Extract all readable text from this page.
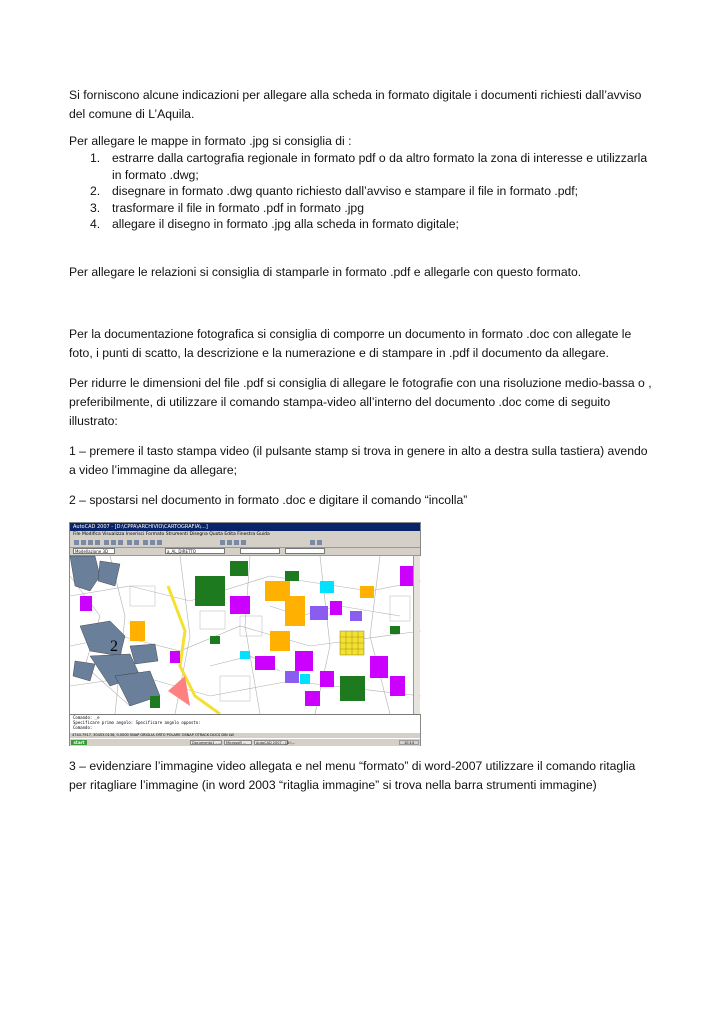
Si forniscono alcune indicazioni per allegare alla scheda in formato digitale i documenti richiesti dall’avviso del comune di L’Aquila.

Per allegare le mappe in formato .jpg si consiglia di :

1. estrarre dalla cartografia regionale in formato pdf o da altro formato la zona di interesse e utilizzarla in formato .dwg;
2. disegnare in formato .dwg quanto richiesto dall’avviso e stampare il file in formato .pdf;
3. trasformare il file in formato .pdf in formato .jpg
4. allegare il disegno in formato .jpg alla scheda in formato digitale;

Per allegare le relazioni si consiglia di stamparle in formato .pdf e allegarle con questo formato.

Per la documentazione fotografica si consiglia di comporre un documento in formato .doc con allegate le foto, i punti di scatto, la descrizione e la numerazione e di stampare in .pdf il documento da allegare.

Per ridurre le dimensioni del file .pdf si consiglia di allegare le fotografie con una risoluzione medio-bassa o , preferibilmente, di utilizzare il comando stampa-video all’interno del documento .doc come di seguito illustrato:

1 – premere il tasto stampa video (il pulsante stamp si trova in genere in alto a destra sulla tastiera) avendo a video l’immagine da allegare;

2 – spostarsi nel documento in formato .doc e digitare il comando “incolla”

AutoCAD 2007 - [D:\CPPA\ARCHIVIO\CARTOGRAFIA\...]
File Modifica Visualizza Inserisci Formato Strumenti Disegna Quota Edita Finestra Guida
Modellazione 3D	a_AL_DIRETTO
2
Comando: _e
Specificare primo angolo: Specificare angolo opposto:
Comando:
4744.7917, 30453.0136, 0.0000 SNAP GRIGLIA ORTO POLARE OSNAP OTRACK DUCS DIN LW
start	Documento1 - ...	Microsoft ...	AutoCAD 2007 - [D:\...	10.14

3 – evidenziare l’immagine video allegata e nel menu “formato” di word-2007 utilizzare il comando ritaglia per ritagliare l’immagine (in word 2003 “ritaglia immagine” si trova nella barra strumenti immagine)
